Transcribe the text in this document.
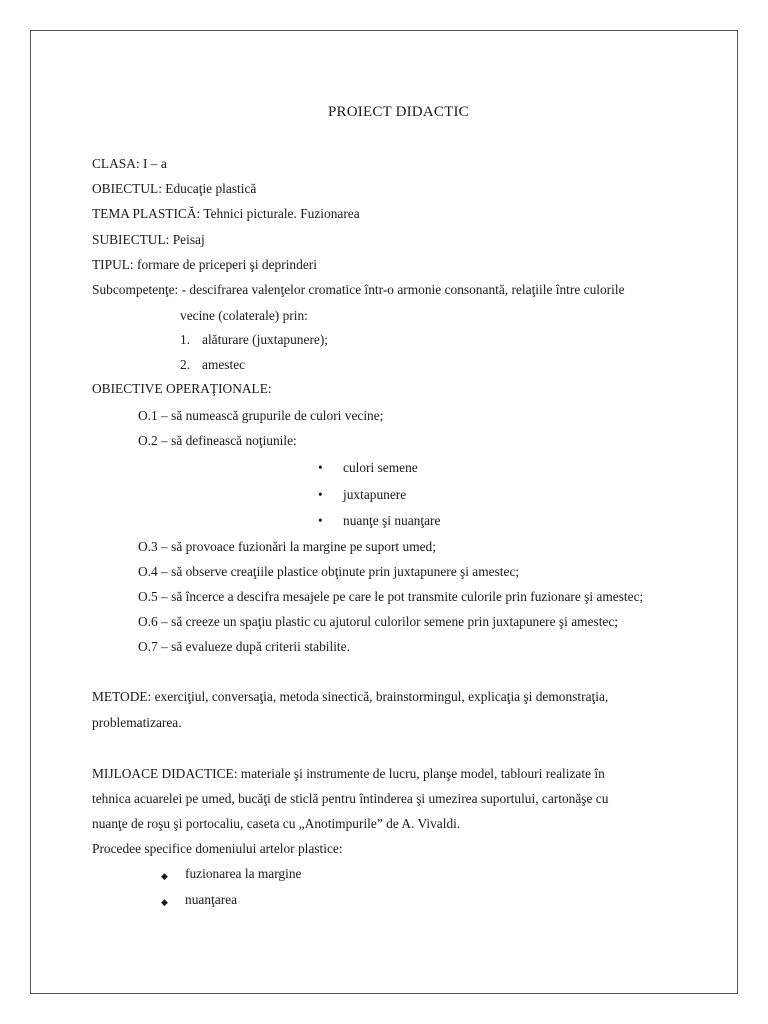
PROIECT DIDACTIC
CLASA: I – a
OBIECTUL: Educaţie plastică
TEMA PLASTICĂ: Tehnici picturale. Fuzionarea
SUBIECTUL: Peisaj
TIPUL: formare de priceperi şi deprinderi
Subcompetenţe: - descifrarea valenţelor cromatice într-o armonie consonantă, relaţiile între culorile
vecine (colaterale) prin:
1. alăturare (juxtapunere);
2. amestec
OBIECTIVE OPERAŢIONALE:
O.1 – să numească grupurile de culori vecine;
O.2 – să definească noţiunile:
• culori semene
• juxtapunere
• nuanţe şi nuanţare
O.3 – să provoace fuzionări la margine pe suport umed;
O.4 – să observe creaţiile plastice obţinute prin juxtapunere şi amestec;
O.5 – să încerce a descifra mesajele pe care le pot transmite culorile prin fuzionare şi amestec;
O.6 – să creeze un spaţiu plastic cu ajutorul culorilor semene prin juxtapunere şi amestec;
O.7 – să evalueze după criterii stabilite.
METODE: exerciţiul, conversaţia, metoda sinectică, brainstormingul, explicaţia şi demonstraţia,
problematizarea.
MIJLOACE DIDACTICE: materiale şi instrumente de lucru, planşe model, tablouri realizate în
tehnica acuarelei pe umed, bucăţi de sticlă pentru întinderea şi umezirea suportului, cartonăşe cu
nuanţe de roşu şi portocaliu, caseta cu „Anotimpurile” de A. Vivaldi.
Procedee specifice domeniului artelor plastice:
◆ fuzionarea la margine
◆ nuanţarea
